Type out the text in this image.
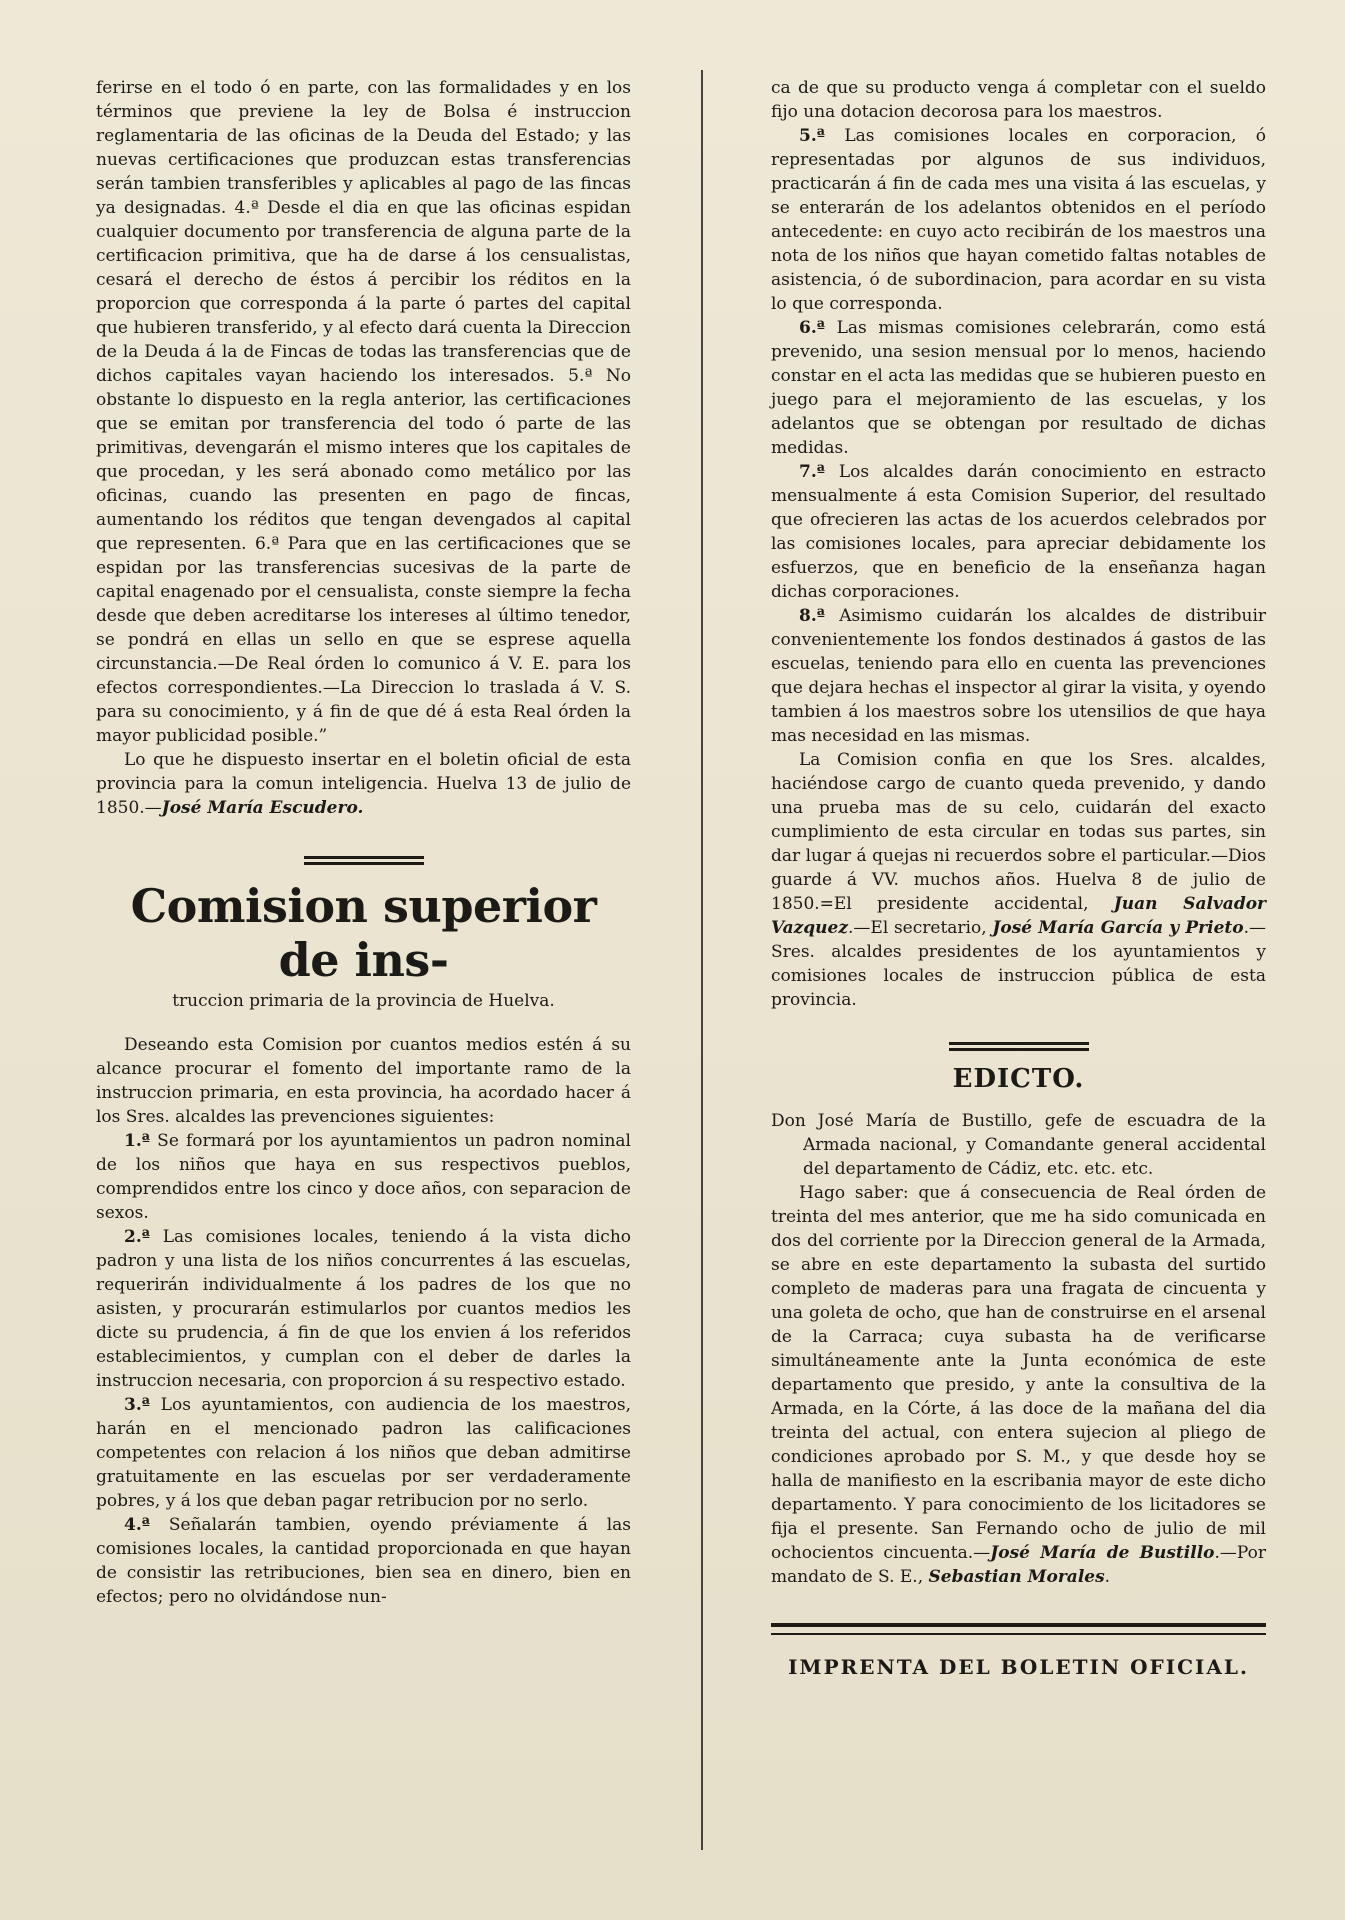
ferirse en el todo ó en parte, con las formalidades y en los términos que previene la ley de Bolsa é instruccion reglamentaria de las oficinas de la Deuda del Estado; y las nuevas certificaciones que produzcan estas transferencias serán tambien transferibles y aplicables al pago de las fincas ya designadas. 4.ª Desde el dia en que las oficinas espidan cualquier documento por transferencia de alguna parte de la certificacion primitiva, que ha de darse á los censualistas, cesará el derecho de éstos á percibir los réditos en la proporcion que corresponda á la parte ó partes del capital que hubieren transferido, y al efecto dará cuenta la Direccion de la Deuda á la de Fincas de todas las transferencias que de dichos capitales vayan haciendo los interesados. 5.ª No obstante lo dispuesto en la regla anterior, las certificaciones que se emitan por transferencia del todo ó parte de las primitivas, devengarán el mismo interes que los capitales de que procedan, y les será abonado como metálico por las oficinas, cuando las presenten en pago de fincas, aumentando los réditos que tengan devengados al capital que representen. 6.ª Para que en las certificaciones que se espidan por las transferencias sucesivas de la parte de capital enagenado por el censualista, conste siempre la fecha desde que deben acreditarse los intereses al último tenedor, se pondrá en ellas un sello en que se esprese aquella circunstancia.—De Real órden lo comunico á V. E. para los efectos correspondientes.—La Direccion lo traslada á V. S. para su conocimiento, y á fin de que dé á esta Real órden la mayor publicidad posible.”

Lo que he dispuesto insertar en el boletin oficial de esta provincia para la comun inteligencia. Huelva 13 de julio de 1850.—José María Escudero.

Comision superior de ins-

truccion primaria de la provincia de Huelva.

Deseando esta Comision por cuantos medios estén á su alcance procurar el fomento del importante ramo de la instruccion primaria, en esta provincia, ha acordado hacer á los Sres. alcaldes las prevenciones siguientes:

1.ª Se formará por los ayuntamientos un padron nominal de los niños que haya en sus respectivos pueblos, comprendidos entre los cinco y doce años, con separacion de sexos.

2.ª Las comisiones locales, teniendo á la vista dicho padron y una lista de los niños concurrentes á las escuelas, requerirán individualmente á los padres de los que no asisten, y procurarán estimularlos por cuantos medios les dicte su prudencia, á fin de que los envien á los referidos establecimientos, y cumplan con el deber de darles la instruccion necesaria, con proporcion á su respectivo estado.

3.ª Los ayuntamientos, con audiencia de los maestros, harán en el mencionado padron las calificaciones competentes con relacion á los niños que deban admitirse gratuitamente en las escuelas por ser verdaderamente pobres, y á los que deban pagar retribucion por no serlo.

4.ª Señalarán tambien, oyendo préviamente á las comisiones locales, la cantidad proporcionada en que hayan de consistir las retribuciones, bien sea en dinero, bien en efectos; pero no olvidándose nun-

ca de que su producto venga á completar con el sueldo fijo una dotacion decorosa para los maestros.

5.ª Las comisiones locales en corporacion, ó representadas por algunos de sus individuos, practicarán á fin de cada mes una visita á las escuelas, y se enterarán de los adelantos obtenidos en el período antecedente: en cuyo acto recibirán de los maestros una nota de los niños que hayan cometido faltas notables de asistencia, ó de subordinacion, para acordar en su vista lo que corresponda.

6.ª Las mismas comisiones celebrarán, como está prevenido, una sesion mensual por lo menos, haciendo constar en el acta las medidas que se hubieren puesto en juego para el mejoramiento de las escuelas, y los adelantos que se obtengan por resultado de dichas medidas.

7.ª Los alcaldes darán conocimiento en estracto mensualmente á esta Comision Superior, del resultado que ofrecieren las actas de los acuerdos celebrados por las comisiones locales, para apreciar debidamente los esfuerzos, que en beneficio de la enseñanza hagan dichas corporaciones.

8.ª Asimismo cuidarán los alcaldes de distribuir convenientemente los fondos destinados á gastos de las escuelas, teniendo para ello en cuenta las prevenciones que dejara hechas el inspector al girar la visita, y oyendo tambien á los maestros sobre los utensilios de que haya mas necesidad en las mismas.

La Comision confia en que los Sres. alcaldes, haciéndose cargo de cuanto queda prevenido, y dando una prueba mas de su celo, cuidarán del exacto cumplimiento de esta circular en todas sus partes, sin dar lugar á quejas ni recuerdos sobre el particular.—Dios guarde á VV. muchos años. Huelva 8 de julio de 1850.=El presidente accidental, Juan Salvador Vazquez.—El secretario, José María García y Prieto.—Sres. alcaldes presidentes de los ayuntamientos y comisiones locales de instruccion pública de esta provincia.

EDICTO.

Don José María de Bustillo, gefe de escuadra de la Armada nacional, y Comandante general accidental del departamento de Cádiz, etc. etc. etc.

Hago saber: que á consecuencia de Real órden de treinta del mes anterior, que me ha sido comunicada en dos del corriente por la Direccion general de la Armada, se abre en este departamento la subasta del surtido completo de maderas para una fragata de cincuenta y una goleta de ocho, que han de construirse en el arsenal de la Carraca; cuya subasta ha de verificarse simultáneamente ante la Junta económica de este departamento que presido, y ante la consultiva de la Armada, en la Córte, á las doce de la mañana del dia treinta del actual, con entera sujecion al pliego de condiciones aprobado por S. M., y que desde hoy se halla de manifiesto en la escribania mayor de este dicho departamento. Y para conocimiento de los licitadores se fija el presente. San Fernando ocho de julio de mil ochocientos cincuenta.—José María de Bustillo.—Por mandato de S. E., Sebastian Morales.

IMPRENTA DEL BOLETIN OFICIAL.
